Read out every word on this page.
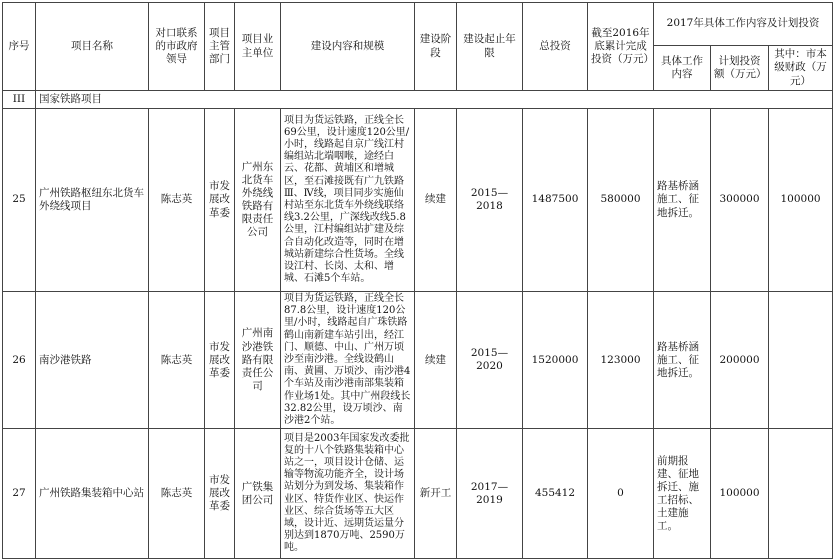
序号	项目名称	对口联系的市政府领导	项目主管部门	项目业主单位	建设内容和规模	建设阶段	建设起止年限	总投资	截至2016年底累计完成投资（万元）	2017年具体工作内容及计划投资		
										具体工作内容	计划投资额（万元）	其中：市本级财政（万元）
III	国家铁路项目											
25	广州铁路枢纽东北货车外绕线项目	陈志英	市发展改革委	广州东北货车外绕线铁路有限责任公司	项目为货运铁路，正线全长69公里，设计速度120公里/小时，线路起自京广线江村编组站北端咽喉，途经白云、花都、黄埔区和增城区，至石滩接既有广九铁路Ⅲ、Ⅳ线，项目同步实施仙村站至东北货车外绕线联络线3.2公里，广深线改线5.8公里，江村编组站扩建及综合自动化改造等，同时在增城站新建综合性货场。全线设江村、长岗、太和、增城、石滩5个车站。	续建	2015—2018	1487500	580000	路基桥涵施工、征地拆迁。	300000	100000
26	南沙港铁路	陈志英	市发展改革委	广州南沙港铁路有限责任公司	项目为货运铁路，正线全长87.8公里，设计速度120公里/小时，线路起自广珠铁路鹤山南新建车站引出，经江门、顺德、中山、广州万顷沙至南沙港。全线设鹤山南、黄圃、万顷沙、南沙港4个车站及南沙港南部集装箱作业场1处。其中广州段线长32.82公里，设万顷沙、南沙港2个站。	续建	2015—2020	1520000	123000	路基桥涵施工、征地拆迁。	200000	
27	广州铁路集装箱中心站	陈志英	市发展改革委	广铁集团公司	项目是2003年国家发改委批复的十八个铁路集装箱中心站之一，项目设计仓储、运输等物流功能齐全，设计场站划分为到发场、集装箱作业区、特货作业区、快运作业区、综合货场等五大区域，设计近、远期货运量分别达到1870万吨、2590万吨。	新开工	2017—2019	455412	0	前期报建、征地拆迁、施工招标、土建施工。	100000	
